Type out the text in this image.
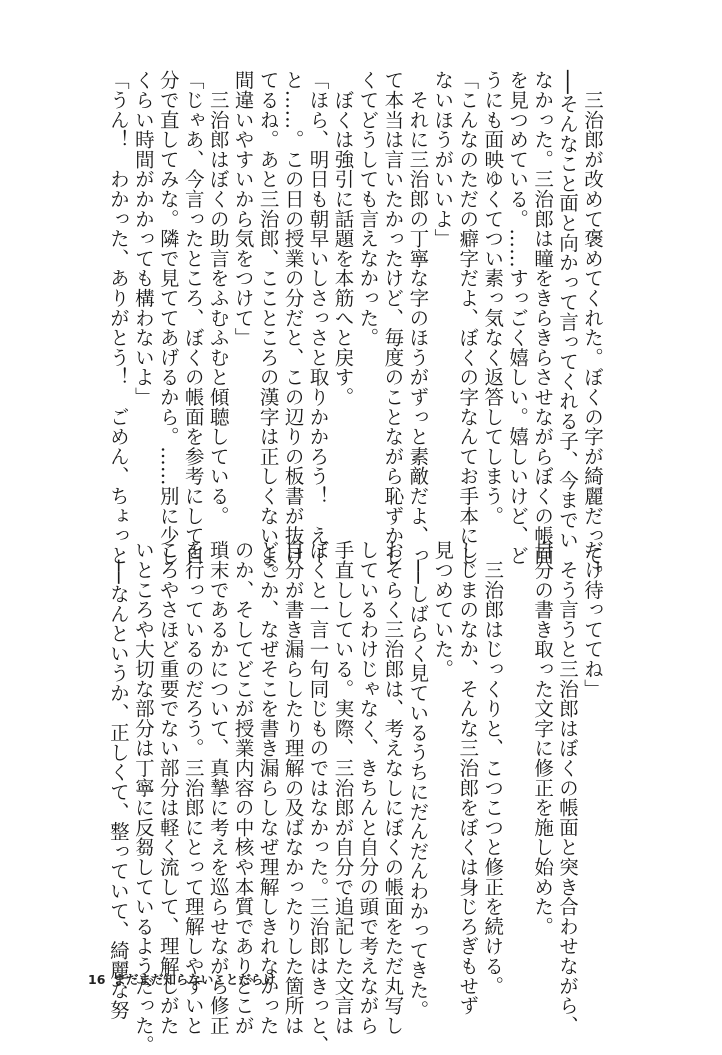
　三治郎が改めて褒めてくれた。ぼくの字が綺麗だって。
──そんなこと面と向かって言ってくれる子、今までい
なかった。三治郎は瞳をきらきらさせながらぼくの帳面
を見つめている。……すっごく嬉しい。嬉しいけど、ど
うにも面映ゆくてつい素っ気なく返答してしまう。
「こんなのただの癖字だよ、ぼくの字なんてお手本にし
ないほうがいいよ」
　それに三治郎の丁寧な字のほうがずっと素敵だよ、っ
て本当は言いたかったけど、毎度のことながら恥ずかし
くてどうしても言えなかった。
　ぼくは強引に話題を本筋へと戻す。
「ほら、明日も朝早いしさっさと取りかかろう！　えー
と……。この日の授業の分だと、この辺りの板書が抜け
てるね。あと三治郎、ここところの漢字は正しくないよ。
間違いやすいから気をつけて」
　三治郎はぼくの助言をふむふむと傾聴している。
「じゃあ、今言ったところ、ぼくの帳面を参考にして自
分で直してみな。隣で見ててあげるから。……別に少し
くらい時間がかかっても構わないよ」
「うん！　わかった、ありがとう！　ごめん、ちょっと
だけ待っててね」
　そう言うと三治郎はぼくの帳面と突き合わせながら、
自分の書き取った文字に修正を施し始めた。

　三治郎はじっくりと、こつこつと修正を続ける。
しじまのなか、そんな三治郎をぼくは身じろぎもせず
見つめていた。
　──しばらく見ているうちにだんだんわかってきた。
おそらく三治郎は、考えなしにぼくの帳面をただ丸写し
しているわけじゃなく、きちんと自分の頭で考えながら
手直ししている。実際、三治郎が自分で追記した文言は
ぼくと一言一句同じものではなかった。三治郎はきっと、
自分が書き漏らしたり理解の及ばなかったりした箇所は
どこか、なぜそこを書き漏らしなぜ理解しきれなかった
のか、そしてどこが授業内容の中核や本質でありどこが
瑣末であるかについて、真摯に考えを巡らせながら修正
を行っているのだろう。三治郎にとって理解しやすいと
ころやさほど重要でない部分は軽く流して、理解しがた
いところや大切な部分は丁寧に反芻しているようだった。
　──なんというか、正しくて、整っていて、綺麗な努
16 まだまだ知らないことだらけ
